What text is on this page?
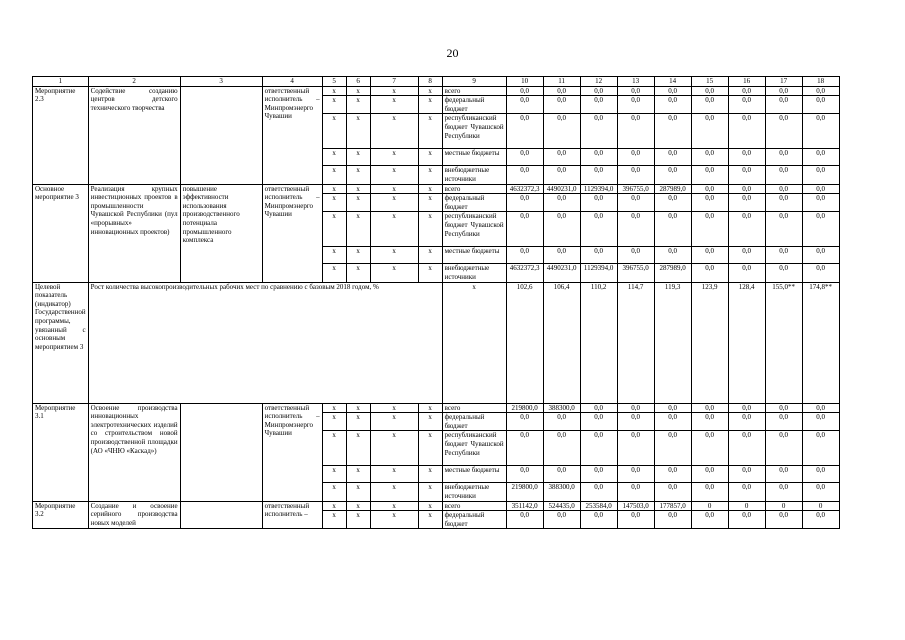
20
1	2	3	4	5	6	7	8	9	10	11	12	13	14	15	16	17	18
Мероприятие 2.3	Содействие созданию центров детского технического творчества		ответственный исполнитель – Минпромэнерго Чувашии	x	x	x	x	всего	0,0	0,0	0,0	0,0	0,0	0,0	0,0	0,0	0,0
				x	x	x	x	федеральный бюджет	0,0	0,0	0,0	0,0	0,0	0,0	0,0	0,0	0,0
				x	x	x	x	республиканский бюджет Чувашской Республики	0,0	0,0	0,0	0,0	0,0	0,0	0,0	0,0	0,0
				x	x	x	x	местные бюджеты	0,0	0,0	0,0	0,0	0,0	0,0	0,0	0,0	0,0
				x	x	x	x	внебюджетные источники	0,0	0,0	0,0	0,0	0,0	0,0	0,0	0,0	0,0
Основное мероприятие 3	Реализация крупных инвестиционных проектов в промышленности Чувашской Республики (пул «прорывных» инновационных проектов)	повышение эффективности использования производственного потенциала промышленного комплекса	ответственный исполнитель – Минпромэнерго Чувашии	x	x	x	x	всего	4632372,3	4490231,0	1129394,0	396755,0	287989,0	0,0	0,0	0,0	0,0
				x	x	x	x	федеральный бюджет	0,0	0,0	0,0	0,0	0,0	0,0	0,0	0,0	0,0
				x	x	x	x	республиканский бюджет Чувашской Республики	0,0	0,0	0,0	0,0	0,0	0,0	0,0	0,0	0,0
				x	x	x	x	местные бюджеты	0,0	0,0	0,0	0,0	0,0	0,0	0,0	0,0	0,0
				x	x	x	x	внебюджетные источники	4632372,3	4490231,0	1129394,0	396755,0	287989,0	0,0	0,0	0,0	0,0
Целевой показатель (индикатор) Государственной программы, увязанный с основным мероприятием 3	Рост количества высокопроизводительных рабочих мест по сравнению с базовым 2018 годом, %							x	102,6	106,4	110,2	114,7	119,3	123,9	128,4	155,0**	174,8**
Мероприятие 3.1	Освоение производства инновационных электротехнических изделий со строительством новой производственной площадки (АО «ЧНЮ «Каскад»)		ответственный исполнитель – Минпромэнерго Чувашии	x	x	x	x	всего	219800,0	388300,0	0,0	0,0	0,0	0,0	0,0	0,0	0,0
				x	x	x	x	федеральный бюджет	0,0	0,0	0,0	0,0	0,0	0,0	0,0	0,0	0,0
				x	x	x	x	республиканский бюджет Чувашской Республики	0,0	0,0	0,0	0,0	0,0	0,0	0,0	0,0	0,0
				x	x	x	x	местные бюджеты	0,0	0,0	0,0	0,0	0,0	0,0	0,0	0,0	0,0
				x	x	x	x	внебюджетные источники	219800,0	388300,0	0,0	0,0	0,0	0,0	0,0	0,0	0,0
Мероприятие 3.2	Создание и освоение серийного производства новых моделей		ответственный исполнитель –	x	x	x	x	всего	351142,0	524435,0	253584,0	147503,0	177857,0	0	0	0	0
				x	x	x	x	федеральный бюджет	0,0	0,0	0,0	0,0	0,0	0,0	0,0	0,0	0,0
